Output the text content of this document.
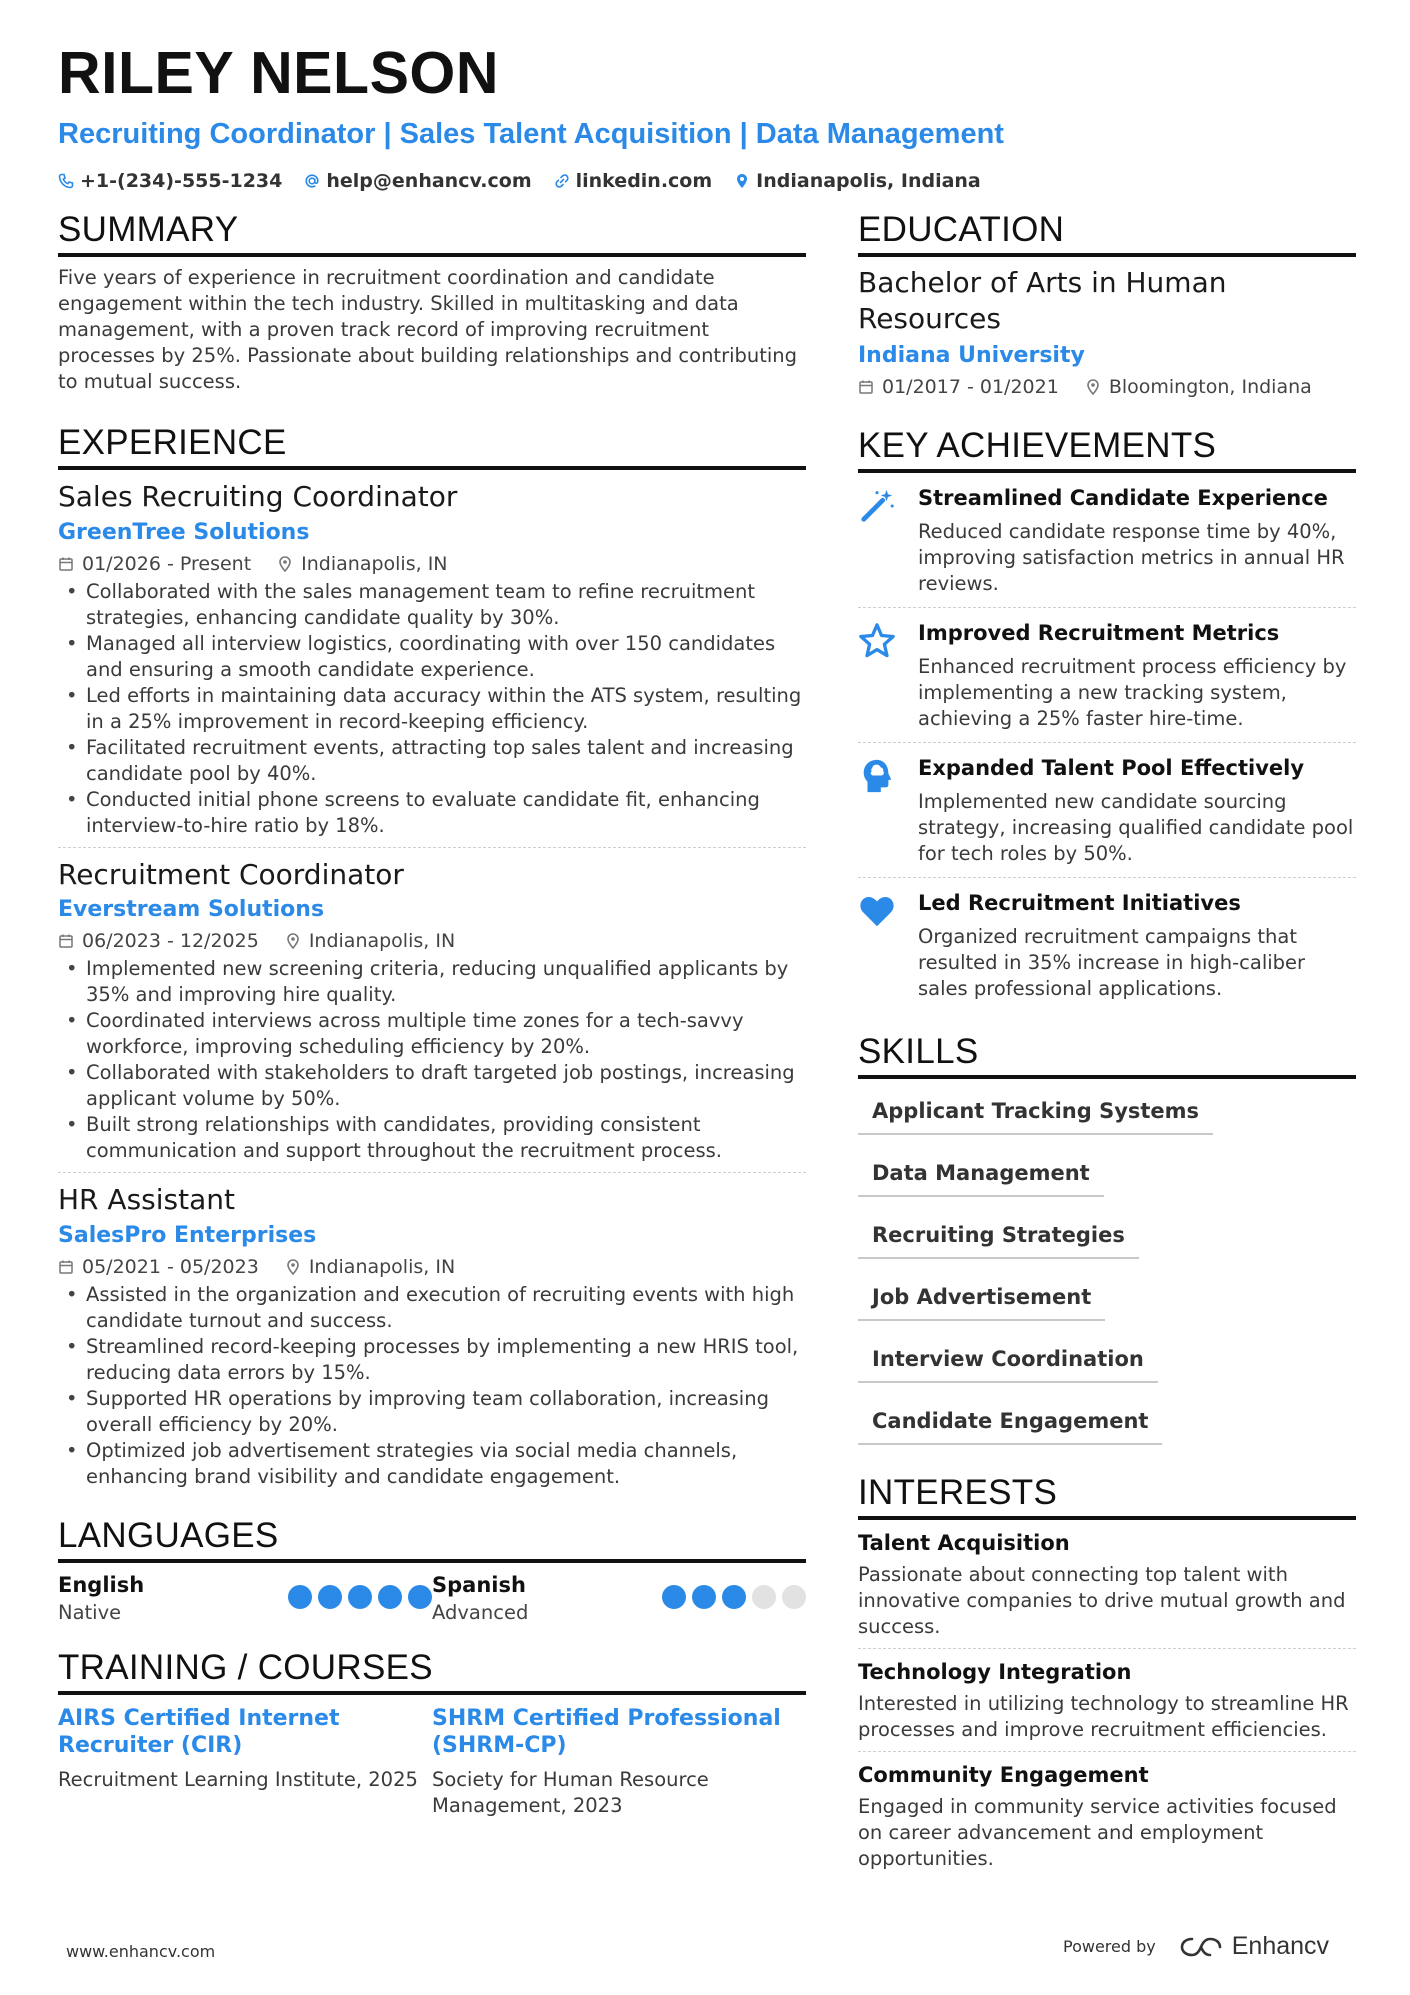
RILEY NELSON
Recruiting Coordinator | Sales Talent Acquisition | Data Management
+1-(234)-555-1234 help@enhancv.com linkedin.com Indianapolis, Indiana
SUMMARY

Five years of experience in recruitment coordination and candidate engagement within the tech industry. Skilled in multitasking and data management, with a proven track record of improving recruitment processes by 25%. Passionate about building relationships and contributing to mutual success.

EXPERIENCE
Sales Recruiting Coordinator
GreenTree Solutions
01/2026 - Present	Indianapolis, IN
• Collaborated with the sales management team to refine recruitment strategies, enhancing candidate quality by 30%.
• Managed all interview logistics, coordinating with over 150 candidates and ensuring a smooth candidate experience.
• Led efforts in maintaining data accuracy within the ATS system, resulting in a 25% improvement in record-keeping efficiency.
• Facilitated recruitment events, attracting top sales talent and increasing candidate pool by 40%.
• Conducted initial phone screens to evaluate candidate fit, enhancing interview-to-hire ratio by 18%.
Recruitment Coordinator
Everstream Solutions
06/2023 - 12/2025	Indianapolis, IN
• Implemented new screening criteria, reducing unqualified applicants by 35% and improving hire quality.
• Coordinated interviews across multiple time zones for a tech-savvy workforce, improving scheduling efficiency by 20%.
• Collaborated with stakeholders to draft targeted job postings, increasing applicant volume by 50%.
• Built strong relationships with candidates, providing consistent communication and support throughout the recruitment process.
HR Assistant
SalesPro Enterprises
05/2021 - 05/2023	Indianapolis, IN
• Assisted in the organization and execution of recruiting events with high candidate turnout and success.
• Streamlined record-keeping processes by implementing a new HRIS tool, reducing data errors by 15%.
• Supported HR operations by improving team collaboration, increasing overall efficiency by 20%.
• Optimized job advertisement strategies via social media channels, enhancing brand visibility and candidate engagement.
LANGUAGES
English
Native
Spanish
Advanced
TRAINING / COURSES
AIRS Certified Internet Recruiter (CIR)
Recruitment Learning Institute, 2025
SHRM Certified Professional (SHRM-CP)
Society for Human Resource Management, 2023
EDUCATION
Bachelor of Arts in Human Resources
Indiana University
01/2017 - 01/2021	Bloomington, Indiana
KEY ACHIEVEMENTS
Streamlined Candidate Experience
Reduced candidate response time by 40%, improving satisfaction metrics in annual HR reviews.
Improved Recruitment Metrics
Enhanced recruitment process efficiency by implementing a new tracking system, achieving a 25% faster hire-time.
Expanded Talent Pool Effectively
Implemented new candidate sourcing strategy, increasing qualified candidate pool for tech roles by 50%.
Led Recruitment Initiatives
Organized recruitment campaigns that resulted in 35% increase in high-caliber sales professional applications.
SKILLS
Applicant Tracking Systems
Data Management
Recruiting Strategies
Job Advertisement
Interview Coordination
Candidate Engagement
INTERESTS
Talent Acquisition
Passionate about connecting top talent with innovative companies to drive mutual growth and success.
Technology Integration
Interested in utilizing technology to streamline HR processes and improve recruitment efficiencies.
Community Engagement
Engaged in community service activities focused on career advancement and employment opportunities.
www.enhancv.com	Powered by	Enhancv
